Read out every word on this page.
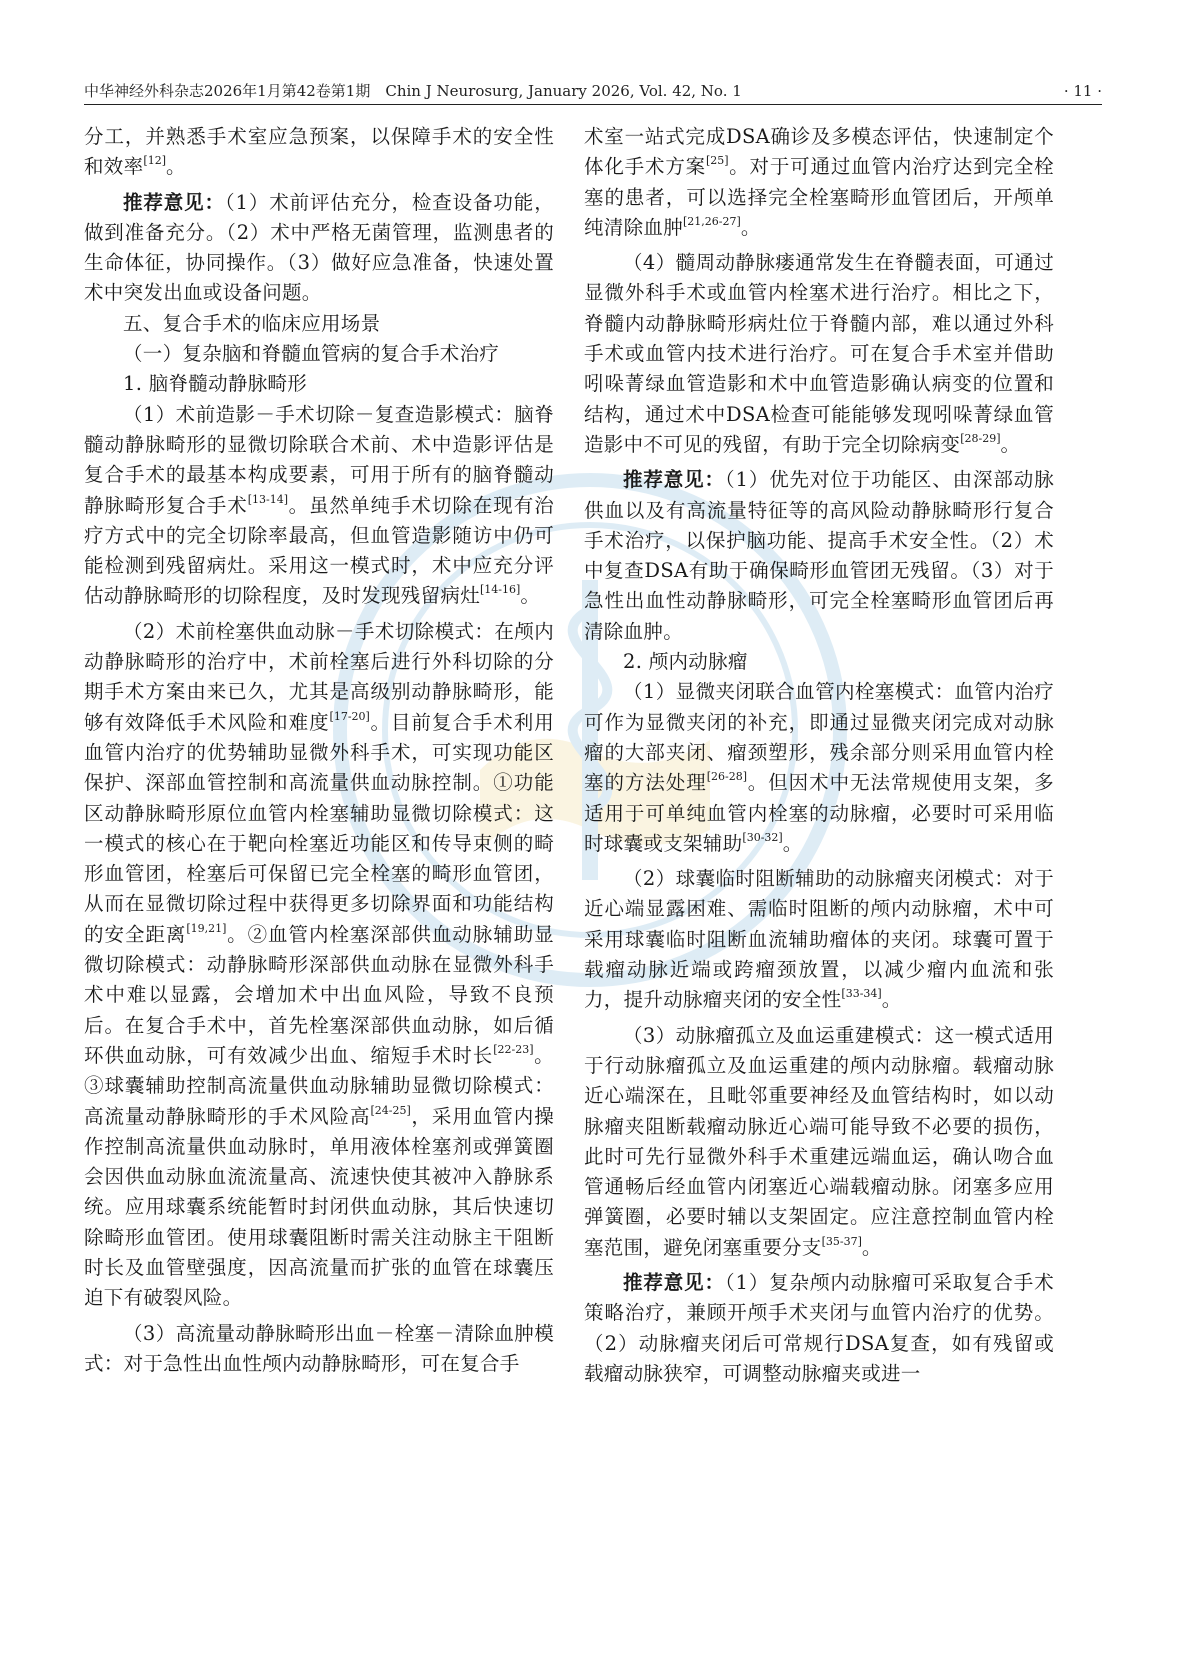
中华神经外科杂志2026年1月第42卷第1期　Chin J Neurosurg, January 2026, Vol. 42, No. 1	· 11 ·

分工，并熟悉手术室应急预案，以保障手术的安全性和效率[12]。

推荐意见：（1）术前评估充分，检查设备功能，做到准备充分。（2）术中严格无菌管理，监测患者的生命体征，协同操作。（3）做好应急准备，快速处置术中突发出血或设备问题。

五、复合手术的临床应用场景

（一）复杂脑和脊髓血管病的复合手术治疗

1. 脑脊髓动静脉畸形

（1）术前造影－手术切除－复查造影模式：脑脊髓动静脉畸形的显微切除联合术前、术中造影评估是复合手术的最基本构成要素，可用于所有的脑脊髓动静脉畸形复合手术[13-14]。虽然单纯手术切除在现有治疗方式中的完全切除率最高，但血管造影随访中仍可能检测到残留病灶。采用这一模式时，术中应充分评估动静脉畸形的切除程度，及时发现残留病灶[14-16]。

（2）术前栓塞供血动脉－手术切除模式：在颅内动静脉畸形的治疗中，术前栓塞后进行外科切除的分期手术方案由来已久，尤其是高级别动静脉畸形，能够有效降低手术风险和难度[17-20]。目前复合手术利用血管内治疗的优势辅助显微外科手术，可实现功能区保护、深部血管控制和高流量供血动脉控制。①功能区动静脉畸形原位血管内栓塞辅助显微切除模式：这一模式的核心在于靶向栓塞近功能区和传导束侧的畸形血管团，栓塞后可保留已完全栓塞的畸形血管团，从而在显微切除过程中获得更多切除界面和功能结构的安全距离[19,21]。②血管内栓塞深部供血动脉辅助显微切除模式：动静脉畸形深部供血动脉在显微外科手术中难以显露，会增加术中出血风险，导致不良预后。在复合手术中，首先栓塞深部供血动脉，如后循环供血动脉，可有效减少出血、缩短手术时长[22-23]。③球囊辅助控制高流量供血动脉辅助显微切除模式：高流量动静脉畸形的手术风险高[24-25]，采用血管内操作控制高流量供血动脉时，单用液体栓塞剂或弹簧圈会因供血动脉血流流量高、流速快使其被冲入静脉系统。应用球囊系统能暂时封闭供血动脉，其后快速切除畸形血管团。使用球囊阻断时需关注动脉主干阻断时长及血管壁强度，因高流量而扩张的血管在球囊压迫下有破裂风险。

（3）高流量动静脉畸形出血－栓塞－清除血肿模式：对于急性出血性颅内动静脉畸形，可在复合手

术室一站式完成DSA确诊及多模态评估，快速制定个体化手术方案[25]。对于可通过血管内治疗达到完全栓塞的患者，可以选择完全栓塞畸形血管团后，开颅单纯清除血肿[21,26-27]。

（4）髓周动静脉瘘通常发生在脊髓表面，可通过显微外科手术或血管内栓塞术进行治疗。相比之下，脊髓内动静脉畸形病灶位于脊髓内部，难以通过外科手术或血管内技术进行治疗。可在复合手术室并借助吲哚菁绿血管造影和术中血管造影确认病变的位置和结构，通过术中DSA检查可能能够发现吲哚菁绿血管造影中不可见的残留，有助于完全切除病变[28-29]。

推荐意见：（1）优先对位于功能区、由深部动脉供血以及有高流量特征等的高风险动静脉畸形行复合手术治疗，以保护脑功能、提高手术安全性。（2）术中复查DSA有助于确保畸形血管团无残留。（3）对于急性出血性动静脉畸形，可完全栓塞畸形血管团后再清除血肿。

2. 颅内动脉瘤

（1）显微夹闭联合血管内栓塞模式：血管内治疗可作为显微夹闭的补充，即通过显微夹闭完成对动脉瘤的大部夹闭、瘤颈塑形，残余部分则采用血管内栓塞的方法处理[26-28]。但因术中无法常规使用支架，多适用于可单纯血管内栓塞的动脉瘤，必要时可采用临时球囊或支架辅助[30-32]。

（2）球囊临时阻断辅助的动脉瘤夹闭模式：对于近心端显露困难、需临时阻断的颅内动脉瘤，术中可采用球囊临时阻断血流辅助瘤体的夹闭。球囊可置于载瘤动脉近端或跨瘤颈放置，以减少瘤内血流和张力，提升动脉瘤夹闭的安全性[33-34]。

（3）动脉瘤孤立及血运重建模式：这一模式适用于行动脉瘤孤立及血运重建的颅内动脉瘤。载瘤动脉近心端深在，且毗邻重要神经及血管结构时，如以动脉瘤夹阻断载瘤动脉近心端可能导致不必要的损伤，此时可先行显微外科手术重建远端血运，确认吻合血管通畅后经血管内闭塞近心端载瘤动脉。闭塞多应用弹簧圈，必要时辅以支架固定。应注意控制血管内栓塞范围，避免闭塞重要分支[35-37]。

推荐意见：（1）复杂颅内动脉瘤可采取复合手术策略治疗，兼顾开颅手术夹闭与血管内治疗的优势。（2）动脉瘤夹闭后可常规行DSA复查，如有残留或载瘤动脉狭窄，可调整动脉瘤夹或进一
